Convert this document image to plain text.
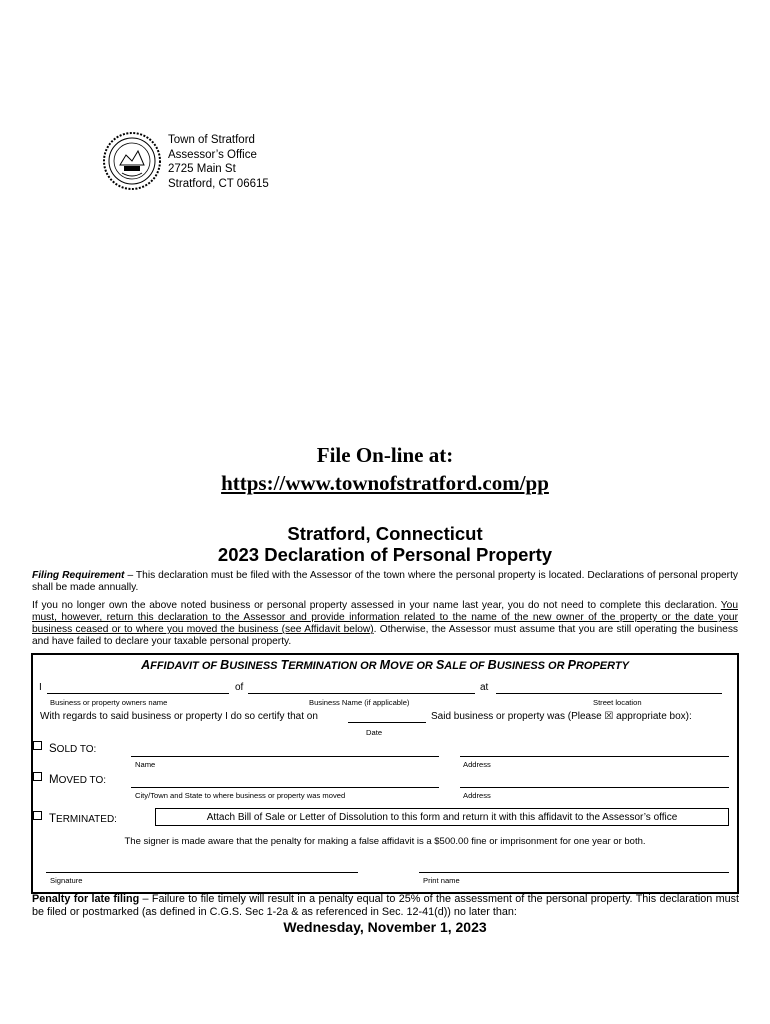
Town of Stratford
Assessor’s Office
2725 Main St
Stratford, CT 06615
File On-line at:
https://www.townofstratford.com/pp
Stratford, Connecticut
2023 Declaration of Personal Property
Filing Requirement – This declaration must be filed with the Assessor of the town where the personal property is located. Declarations of personal property shall be made annually.
If you no longer own the above noted business or personal property assessed in your name last year, you do not need to complete this declaration. You must, however, return this declaration to the Assessor and provide information related to the name of the new owner of the property or the date your business ceased or to where you moved the business (see Affidavit below). Otherwise, the Assessor must assume that you are still operating the business and have failed to declare your taxable personal property.
AFFIDAVIT OF BUSINESS TERMINATION OR MOVE OR SALE OF BUSINESS OR PROPERTY
I	of	at
Business or property owners name	Business Name (if applicable)	Street location
With regards to said business or property I do so certify that on	Said business or property was (Please ☒ appropriate box):
Date
SOLD TO:
Name	Address
MOVED TO:
City/Town and State to where business or property was moved	Address
TERMINATED:	Attach Bill of Sale or Letter of Dissolution to this form and return it with this affidavit to the Assessor’s office
The signer is made aware that the penalty for making a false affidavit is a $500.00 fine or imprisonment for one year or both.
Signature	Print name
Penalty for late filing – Failure to file timely will result in a penalty equal to 25% of the assessment of the personal property. This declaration must be filed or postmarked (as defined in C.G.S. Sec 1-2a & as referenced in Sec. 12-41(d)) no later than:
Wednesday, November 1, 2023
